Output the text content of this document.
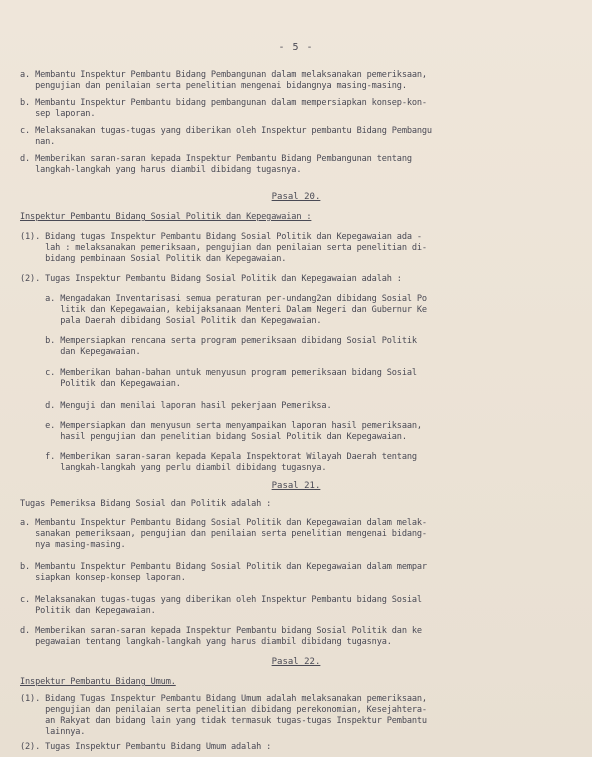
- 5 -
a. Membantu Inspektur Pembantu Bidang Pembangunan dalam melaksanakan pemeriksaan,
pengujian dan penilaian serta penelitian mengenai bidangnya masing-masing.
b. Membantu Inspektur Pembantu bidang pembangunan dalam mempersiapkan konsep-kon-
sep laporan.
c. Melaksanakan tugas-tugas yang diberikan oleh Inspektur pembantu Bidang Pembangu
nan.
d. Memberikan saran-saran kepada Inspektur Pembantu Bidang Pembangunan tentang
langkah-langkah yang harus diambil dibidang tugasnya.
Pasal 20.
Inspektur Pembantu Bidang Sosial Politik dan Kepegawaian :
(1). Bidang tugas Inspektur Pembantu Bidang Sosial Politik dan Kepegawaian ada -
lah : melaksanakan pemeriksaan, pengujian dan penilaian serta penelitian di-
bidang pembinaan Sosial Politik dan Kepegawaian.
(2). Tugas Inspektur Pembantu Bidang Sosial Politik dan Kepegawaian adalah :
a. Mengadakan Inventarisasi semua peraturan per-undang2an dibidang Sosial Po
litik dan Kepegawaian, kebijaksanaan Menteri Dalam Negeri dan Gubernur Ke
pala Daerah dibidang Sosial Politik dan Kepegawaian.
b. Mempersiapkan rencana serta program pemeriksaan dibidang Sosial Politik
dan Kepegawaian.
c. Memberikan bahan-bahan untuk menyusun program pemeriksaan bidang Sosial
Politik dan Kepegawaian.
d. Menguji dan menilai laporan hasil pekerjaan Pemeriksa.
e. Mempersiapkan dan menyusun serta menyampaikan laporan hasil pemeriksaan,
hasil pengujian dan penelitian bidang Sosial Politik dan Kepegawaian.
f. Memberikan saran-saran kepada Kepala Inspektorat Wilayah Daerah tentang
langkah-langkah yang perlu diambil dibidang tugasnya.
Pasal 21.
Tugas Pemeriksa Bidang Sosial dan Politik adalah :
a. Membantu Inspektur Pembantu Bidang Sosial Politik dan Kepegawaian dalam melak-
sanakan pemeriksaan, pengujian dan penilaian serta penelitian mengenai bidang-
nya masing-masing.
b. Membantu Inspektur Pembantu Bidang Sosial Politik dan Kepegawaian dalam mempar
siapkan konsep-konsep laporan.
c. Melaksanakan tugas-tugas yang diberikan oleh Inspektur Pembantu bidang Sosial
Politik dan Kepegawaian.
d. Memberikan saran-saran kepada Inspektur Pembantu bidang Sosial Politik dan ke
pegawaian tentang langkah-langkah yang harus diambil dibidang tugasnya.
Pasal 22.
Inspektur Pembantu Bidang Umum.
(1). Bidang Tugas Inspektur Pembantu Bidang Umum adalah melaksanakan pemeriksaan,
pengujian dan penilaian serta penelitian dibidang perekonomian, Kesejahtera-
an Rakyat dan bidang lain yang tidak termasuk tugas-tugas Inspektur Pembantu
lainnya.
(2). Tugas Inspektur Pembantu Bidang Umum adalah :
